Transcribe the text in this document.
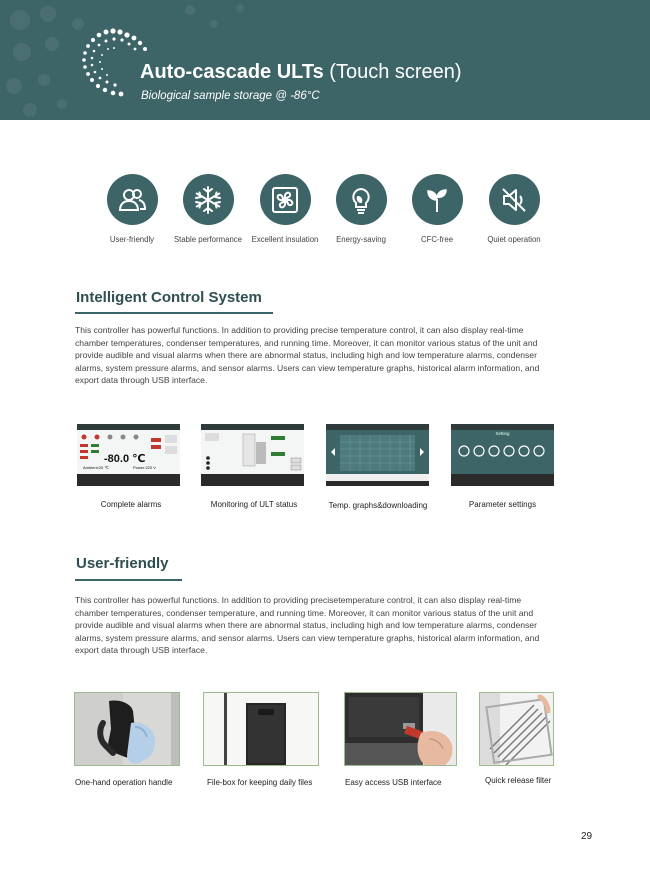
Auto-cascade ULTs (Touch screen)
Biological sample storage @ -86°C
User-friendly	Stable performance	Excellent insulation	Energy-saving	CFC-free	Quiet operation
Intelligent Control System
This controller has powerful functions. In addition to providing precise temperature control, it can also display real-time chamber temperatures, condenser temperatures, and running time. Moreover, it can monitor various status of the unit and provide audible and visual alarms when there are abnormal status, including high and low temperature alarms, condenser alarms, system pressure alarms, and sensor alarms. Users can view temperature graphs, historical alarm information, and export data through USB interface.
-80.0 ℃
Ambient:25 ℃	Power:220 V
Setting
Complete alarms	Monitoring of ULT status	Temp. graphs&downloading	Parameter settings
User-friendly
This controller has powerful functions. In addition to providing precisetemperature control, it can also display real-time chamber temperatures, condenser temperature, and running time. Moreover, it can monitor various status of the unit and provide audible and visual alarms when there are abnormal status, including high and low temperature alarms, condenser alarms, system pressure alarms, and sensor alarms. Users can view temperature graphs, historical alarm information, and export data through USB interface.
One-hand operation handle	File-box for keeping daily files	Easy access USB interface	Quick release filter
29
